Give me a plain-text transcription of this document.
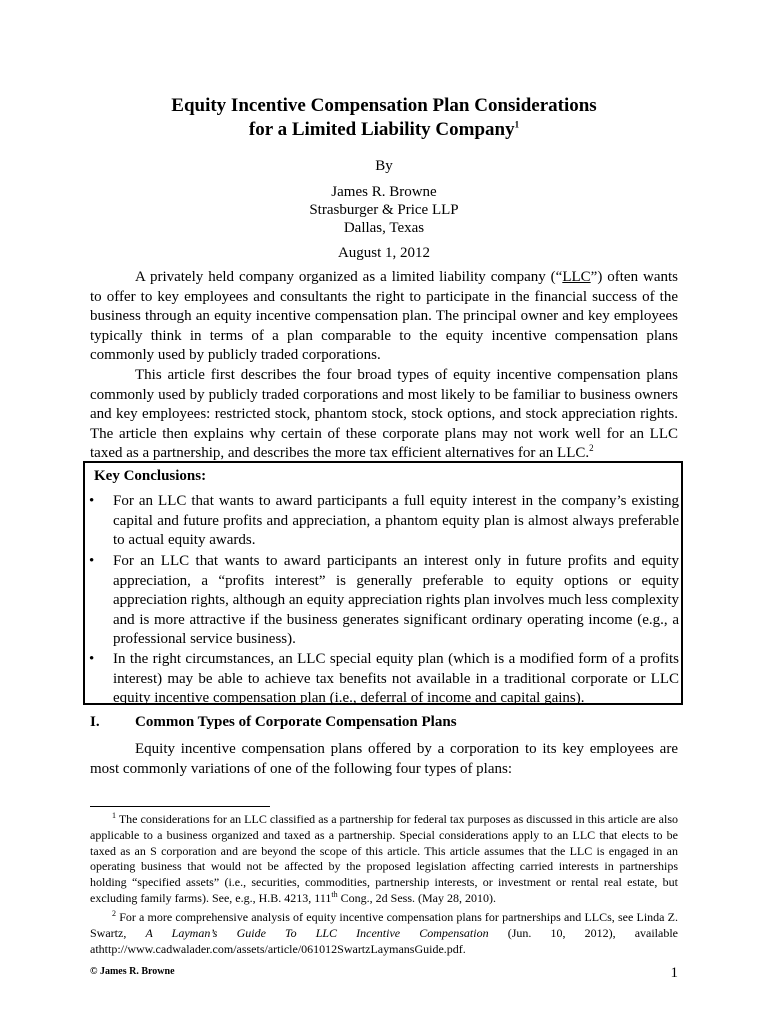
Equity Incentive Compensation Plan Considerations
for a Limited Liability Company$^1$
By
James R. Browne
Strasburger & Price LLP
Dallas, Texas
August 1, 2012
A privately held company organized as a limited liability company (“LLC”) often wants to offer to key employees and consultants the right to participate in the financial success of the business through an equity incentive compensation plan. The principal owner and key employees typically think in terms of a plan comparable to the equity incentive compensation plans commonly used by publicly traded corporations.
This article first describes the four broad types of equity incentive compensation plans commonly used by publicly traded corporations and most likely to be familiar to business owners and key employees: restricted stock, phantom stock, stock options, and stock appreciation rights. The article then explains why certain of these corporate plans may not work well for an LLC taxed as a partnership, and describes the more tax efficient alternatives for an LLC.$^2$
Key Conclusions:
•	For an LLC that wants to award participants a full equity interest in the company’s existing capital and future profits and appreciation, a phantom equity plan is almost always preferable to actual equity awards.
•	For an LLC that wants to award participants an interest only in future profits and equity appreciation, a “profits interest” is generally preferable to equity options or equity appreciation rights, although an equity appreciation rights plan involves much less complexity and is more attractive if the business generates significant ordinary operating income (e.g., a professional service business).
•	In the right circumstances, an LLC special equity plan (which is a modified form of a profits interest) may be able to achieve tax benefits not available in a traditional corporate or LLC equity incentive compensation plan (i.e., deferral of income and capital gains).
I. Common Types of Corporate Compensation Plans
Equity incentive compensation plans offered by a corporation to its key employees are most commonly variations of one of the following four types of plans:
$^1$ The considerations for an LLC classified as a partnership for federal tax purposes as discussed in this article are also applicable to a business organized and taxed as a partnership. Special considerations apply to an LLC that elects to be taxed as an S corporation and are beyond the scope of this article. This article assumes that the LLC is engaged in an operating business that would not be affected by the proposed legislation affecting carried interests in partnerships holding “specified assets” (i.e., securities, commodities, partnership interests, or investment or rental real estate, but excluding family farms). See, e.g., H.B. 4213, 111th Cong., 2d Sess. (May 28, 2010).
$^2$ For a more comprehensive analysis of equity incentive compensation plans for partnerships and LLCs, see Linda Z. Swartz, A Layman’s Guide To LLC Incentive Compensation (Jun. 10, 2012), available athttp://www.cadwalader.com/assets/article/061012SwartzLaymansGuide.pdf.
© James R. Browne	1
